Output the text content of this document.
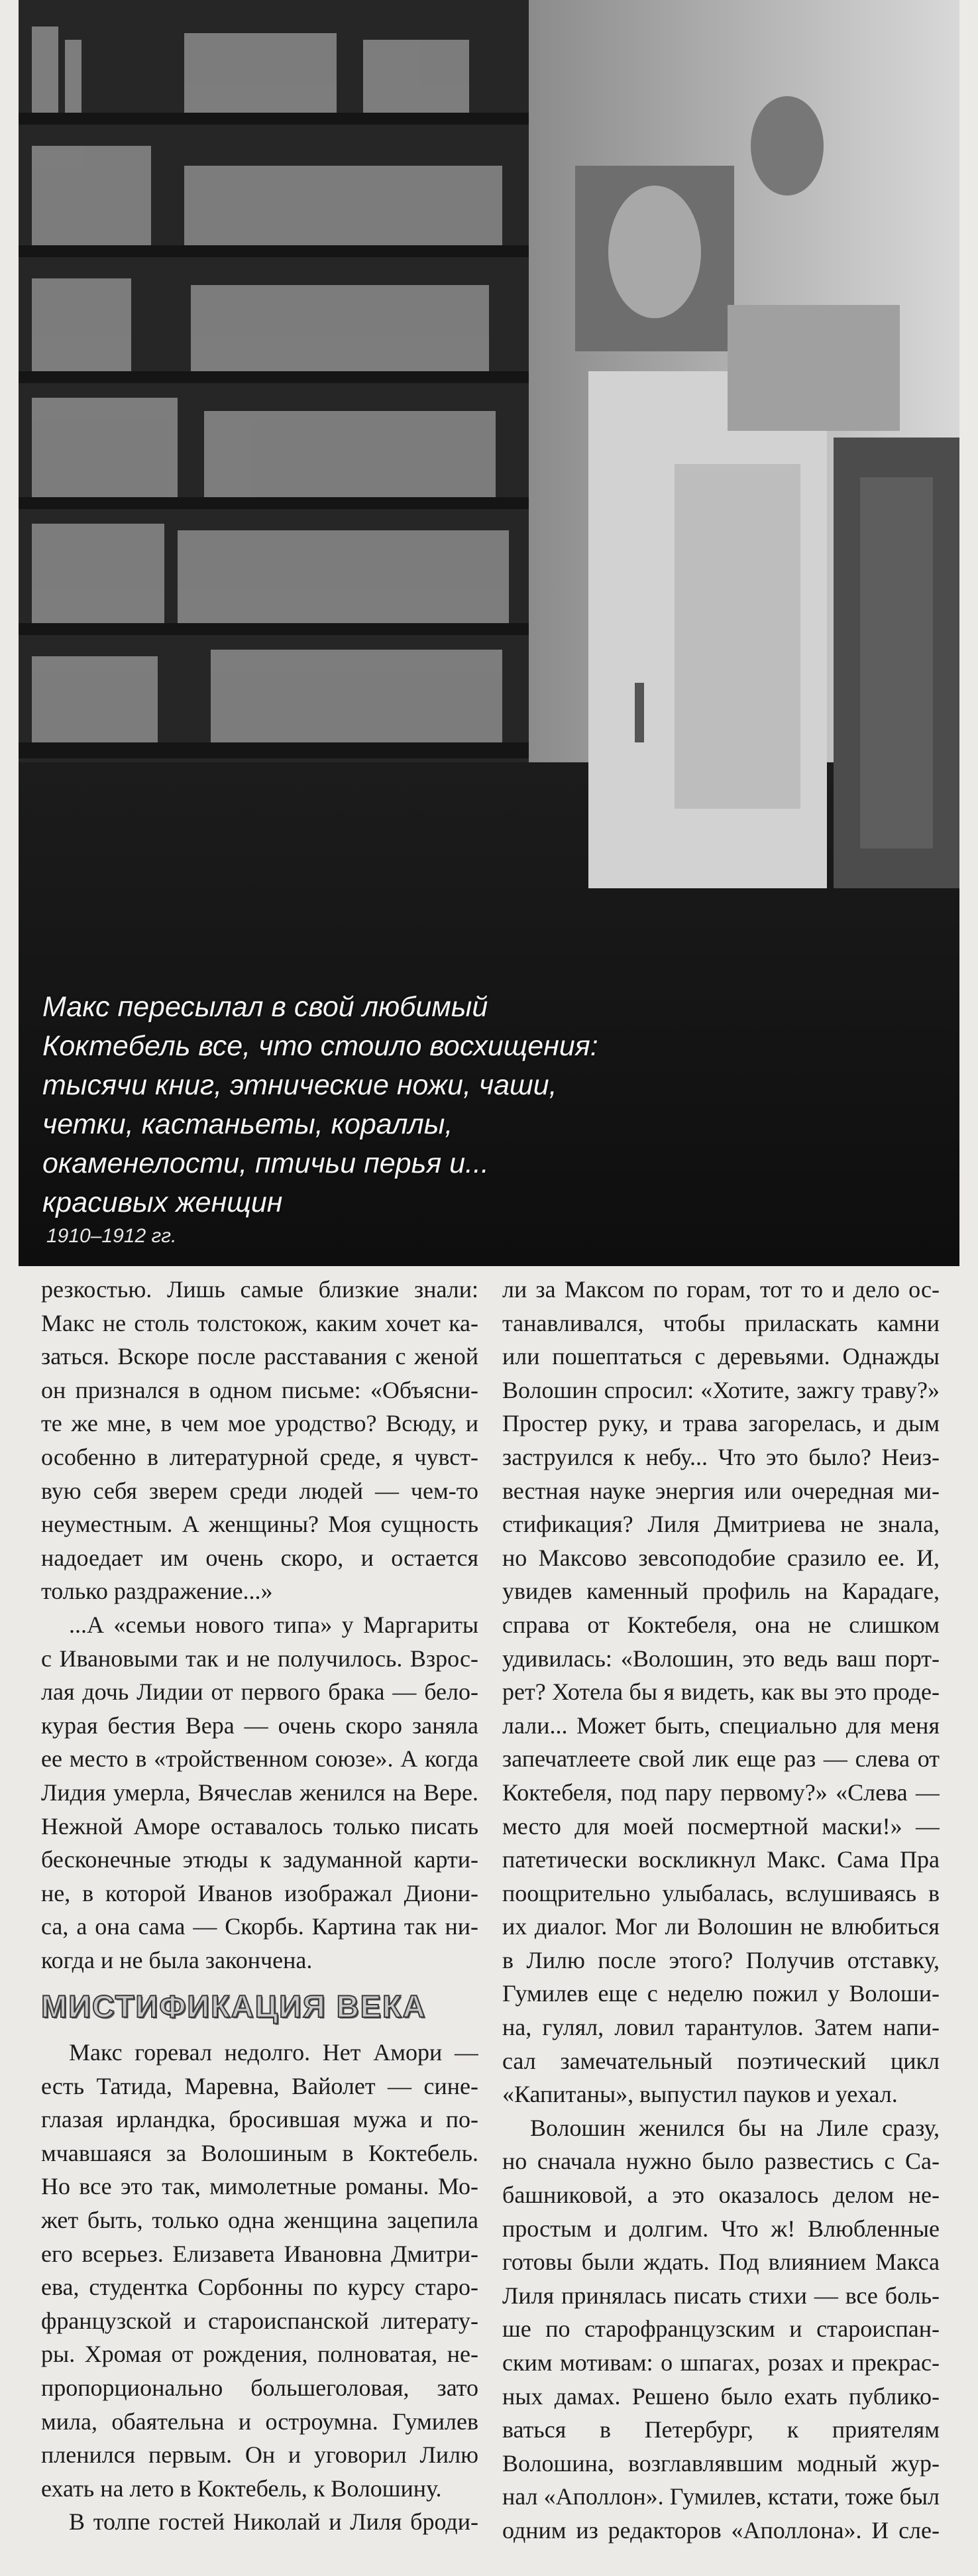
Макс пересылал в свой любимый
Коктебель все, что стоило восхищения:
тысячи книг, этнические ножи, чаши,
четки, кастаньеты, кораллы,
окаменелости, птичьи перья и...
красивых женщин
1910–1912 гг.

резкостью. Лишь самые близкие знали:
Макс не столь толстокож, каким хочет ка-
заться. Вскоре после расставания с женой
он признался в одном письме: «Объясни-
те же мне, в чем мое уродство? Всюду, и
особенно в литературной среде, я чувст-
вую себя зверем среди людей — чем-то
неуместным. А женщины? Моя сущность
надоедает им очень скоро, и остается
только раздражение...»

...А «семьи нового типа» у Маргариты
с Ивановыми так и не получилось. Взрос-
лая дочь Лидии от первого брака — бело-
курая бестия Вера — очень скоро заняла
ее место в «тройственном союзе». А когда
Лидия умерла, Вячеслав женился на Вере.
Нежной Аморе оставалось только писать
бесконечные этюды к задуманной карти-
не, в которой Иванов изображал Диони-
са, а она сама — Скорбь. Картина так ни-
когда и не была закончена.

МИСТИФИКАЦИЯ ВЕКА

Макс горевал недолго. Нет Амори —
есть Татида, Маревна, Вайолет — сине-
глазая ирландка, бросившая мужа и по-
мчавшаяся за Волошиным в Коктебель.
Но все это так, мимолетные романы. Мо-
жет быть, только одна женщина зацепила
его всерьез. Елизавета Ивановна Дмитри-
ева, студентка Сорбонны по курсу старо-
французской и староиспанской литерату-
ры. Хромая от рождения, полноватая, не-
пропорционально большеголовая, зато
мила, обаятельна и остроумна. Гумилев
пленился первым. Он и уговорил Лилю
ехать на лето в Коктебель, к Волошину.

В толпе гостей Николай и Лиля броди-

ли за Максом по горам, тот то и дело ос-
танавливался, чтобы приласкать камни
или пошептаться с деревьями. Однажды
Волошин спросил: «Хотите, зажгу траву?»
Простер руку, и трава загорелась, и дым
заструился к небу... Что это было? Неиз-
вестная науке энергия или очередная ми-
стификация? Лиля Дмитриева не знала,
но Максово зевсоподобие сразило ее. И,
увидев каменный профиль на Карадаге,
справа от Коктебеля, она не слишком
удивилась: «Волошин, это ведь ваш порт-
рет? Хотела бы я видеть, как вы это проде-
лали... Может быть, специально для меня
запечатлеете свой лик еще раз — слева от
Коктебеля, под пару первому?» «Слева —
место для моей посмертной маски!» —
патетически воскликнул Макс. Сама Пра
поощрительно улыбалась, вслушиваясь в
их диалог. Мог ли Волошин не влюбиться
в Лилю после этого? Получив отставку,
Гумилев еще с неделю пожил у Волоши-
на, гулял, ловил тарантулов. Затем напи-
сал замечательный поэтический цикл
«Капитаны», выпустил пауков и уехал.

Волошин женился бы на Лиле сразу,
но сначала нужно было развестись с Са-
башниковой, а это оказалось делом не-
простым и долгим. Что ж! Влюбленные
готовы были ждать. Под влиянием Макса
Лиля принялась писать стихи — все боль-
ше по старофранцузским и староиспан-
ским мотивам: о шпагах, розах и прекрас-
ных дамах. Решено было ехать публико-
ваться в Петербург, к приятелям
Волошина, возглавлявшим модный жур-
нал «Аполлон». Гумилев, кстати, тоже был
одним из редакторов «Аполлона». И сле-
